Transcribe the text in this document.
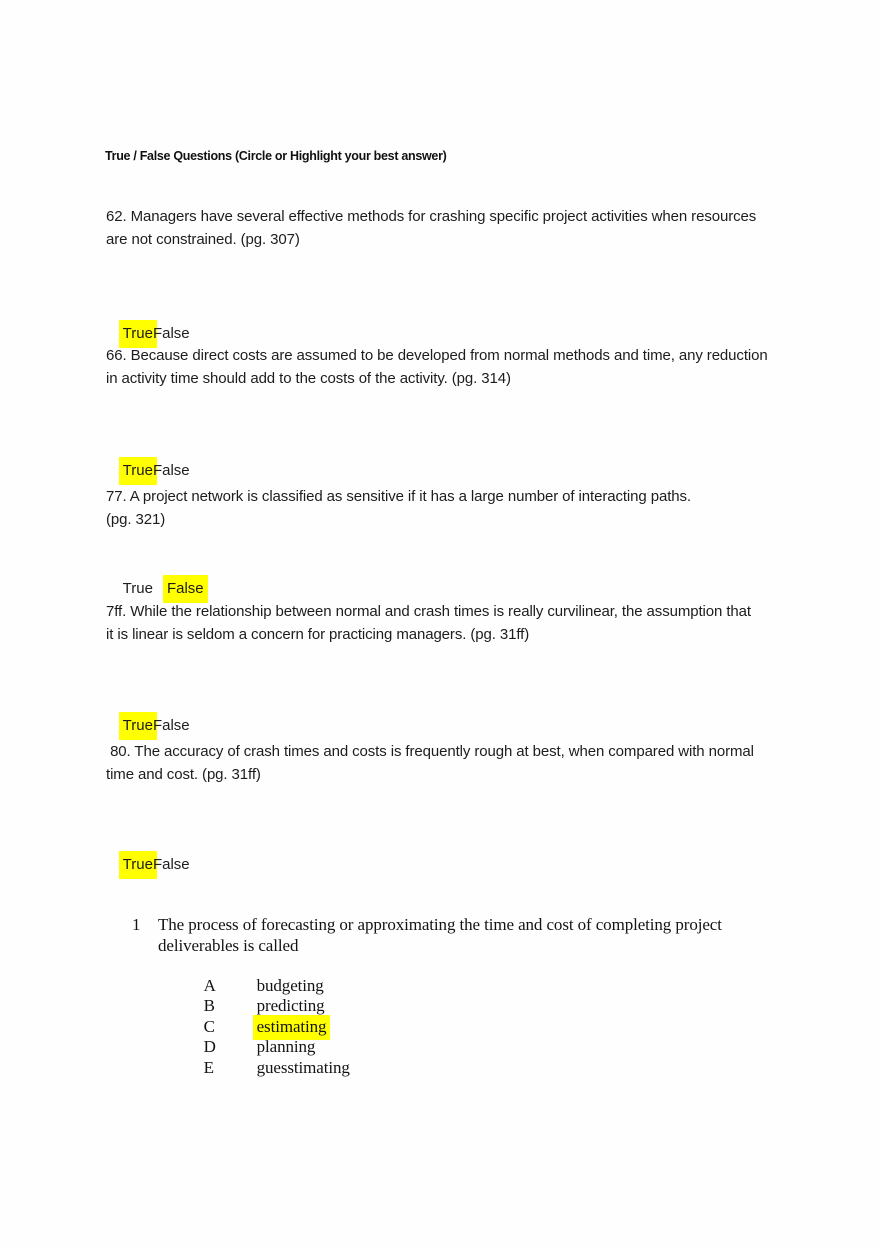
True / False Questions (Circle or Highlight your best answer)
62. Managers have several effective methods for crashing specific project activities when resources
are not constrained. (pg. 307)

TrueFalse

66. Because direct costs are assumed to be developed from normal methods and time, any reduction
in activity time should add to the costs of the activity. (pg. 314)

TrueFalse

77. A project network is classified as sensitive if it has a large number of interacting paths.
(pg. 321)

True False

7ff. While the relationship between normal and crash times is really curvilinear, the assumption that
it is linear is seldom a concern for practicing managers. (pg. 31ff)

TrueFalse

80. The accuracy of crash times and costs is frequently rough at best, when compared with normal
time and cost. (pg. 31ff)

TrueFalse

1 The process of forecasting or approximating the time and cost of completing project
deliverables is called

A budgeting

B predicting

C estimating

D planning

E	guesstimating
